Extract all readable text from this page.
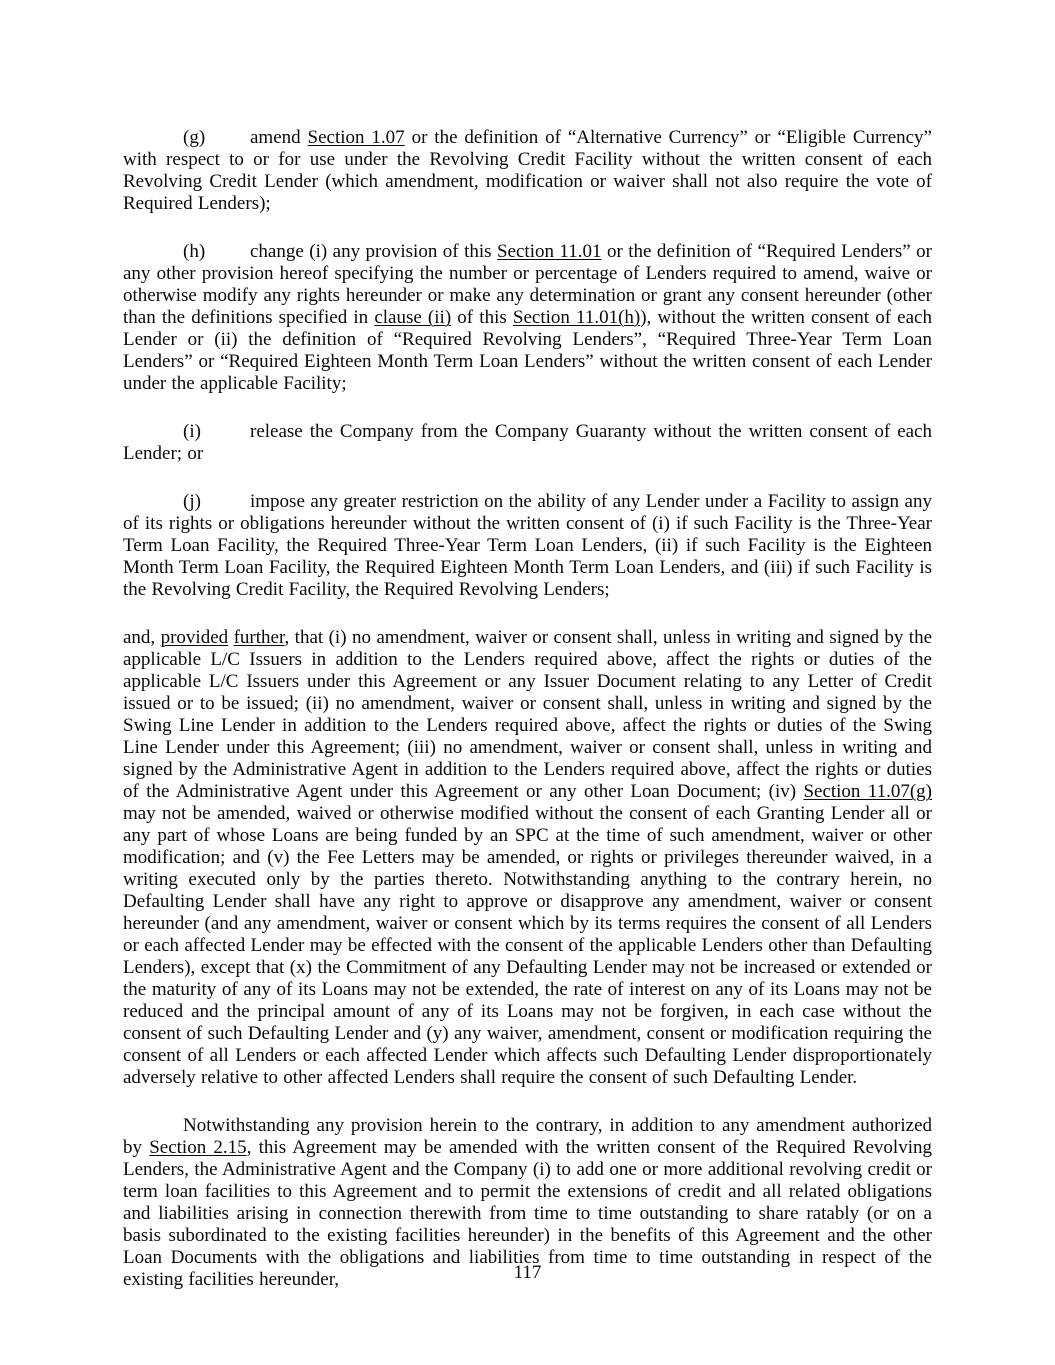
(g) amend Section 1.07 or the definition of “Alternative Currency” or “Eligible Currency” with respect to or for use under the Revolving Credit Facility without the written consent of each Revolving Credit Lender (which amendment, modification or waiver shall not also require the vote of Required Lenders);

(h) change (i) any provision of this Section 11.01 or the definition of “Required Lenders” or any other provision hereof specifying the number or percentage of Lenders required to amend, waive or otherwise modify any rights hereunder or make any determination or grant any consent hereunder (other than the definitions specified in clause (ii) of this Section 11.01(h)), without the written consent of each Lender or (ii) the definition of “Required Revolving Lenders”, “Required Three-Year Term Loan Lenders” or “Required Eighteen Month Term Loan Lenders” without the written consent of each Lender under the applicable Facility;

(i)	release the Company from the Company Guaranty without the written consent of each Lender; or

(j)	impose any greater restriction on the ability of any Lender under a Facility to assign any of its rights or obligations hereunder without the written consent of (i) if such Facility is the Three-Year Term Loan Facility, the Required Three-Year Term Loan Lenders, (ii) if such Facility is the Eighteen Month Term Loan Facility, the Required Eighteen Month Term Loan Lenders, and (iii) if such Facility is the Revolving Credit Facility, the Required Revolving Lenders;

and, provided further, that (i) no amendment, waiver or consent shall, unless in writing and signed by the applicable L/C Issuers in addition to the Lenders required above, affect the rights or duties of the applicable L/C Issuers under this Agreement or any Issuer Document relating to any Letter of Credit issued or to be issued; (ii) no amendment, waiver or consent shall, unless in writing and signed by the Swing Line Lender in addition to the Lenders required above, affect the rights or duties of the Swing Line Lender under this Agreement; (iii) no amendment, waiver or consent shall, unless in writing and signed by the Administrative Agent in addition to the Lenders required above, affect the rights or duties of the Administrative Agent under this Agreement or any other Loan Document; (iv) Section 11.07(g) may not be amended, waived or otherwise modified without the consent of each Granting Lender all or any part of whose Loans are being funded by an SPC at the time of such amendment, waiver or other modification; and (v) the Fee Letters may be amended, or rights or privileges thereunder waived, in a writing executed only by the parties thereto. Notwithstanding anything to the contrary herein, no Defaulting Lender shall have any right to approve or disapprove any amendment, waiver or consent hereunder (and any amendment, waiver or consent which by its terms requires the consent of all Lenders or each affected Lender may be effected with the consent of the applicable Lenders other than Defaulting Lenders), except that (x) the Commitment of any Defaulting Lender may not be increased or extended or the maturity of any of its Loans may not be extended, the rate of interest on any of its Loans may not be reduced and the principal amount of any of its Loans may not be forgiven, in each case without the consent of such Defaulting Lender and (y) any waiver, amendment, consent or modification requiring the consent of all Lenders or each affected Lender which affects such Defaulting Lender disproportionately adversely relative to other affected Lenders shall require the consent of such Defaulting Lender.

Notwithstanding any provision herein to the contrary, in addition to any amendment authorized by Section 2.15, this Agreement may be amended with the written consent of the Required Revolving Lenders, the Administrative Agent and the Company (i) to add one or more additional revolving credit or term loan facilities to this Agreement and to permit the extensions of credit and all related obligations and liabilities arising in connection therewith from time to time outstanding to share ratably (or on a basis subordinated to the existing facilities hereunder) in the benefits of this Agreement and the other Loan Documents with the obligations and liabilities from time to time outstanding in respect of the existing facilities hereunder,	117
